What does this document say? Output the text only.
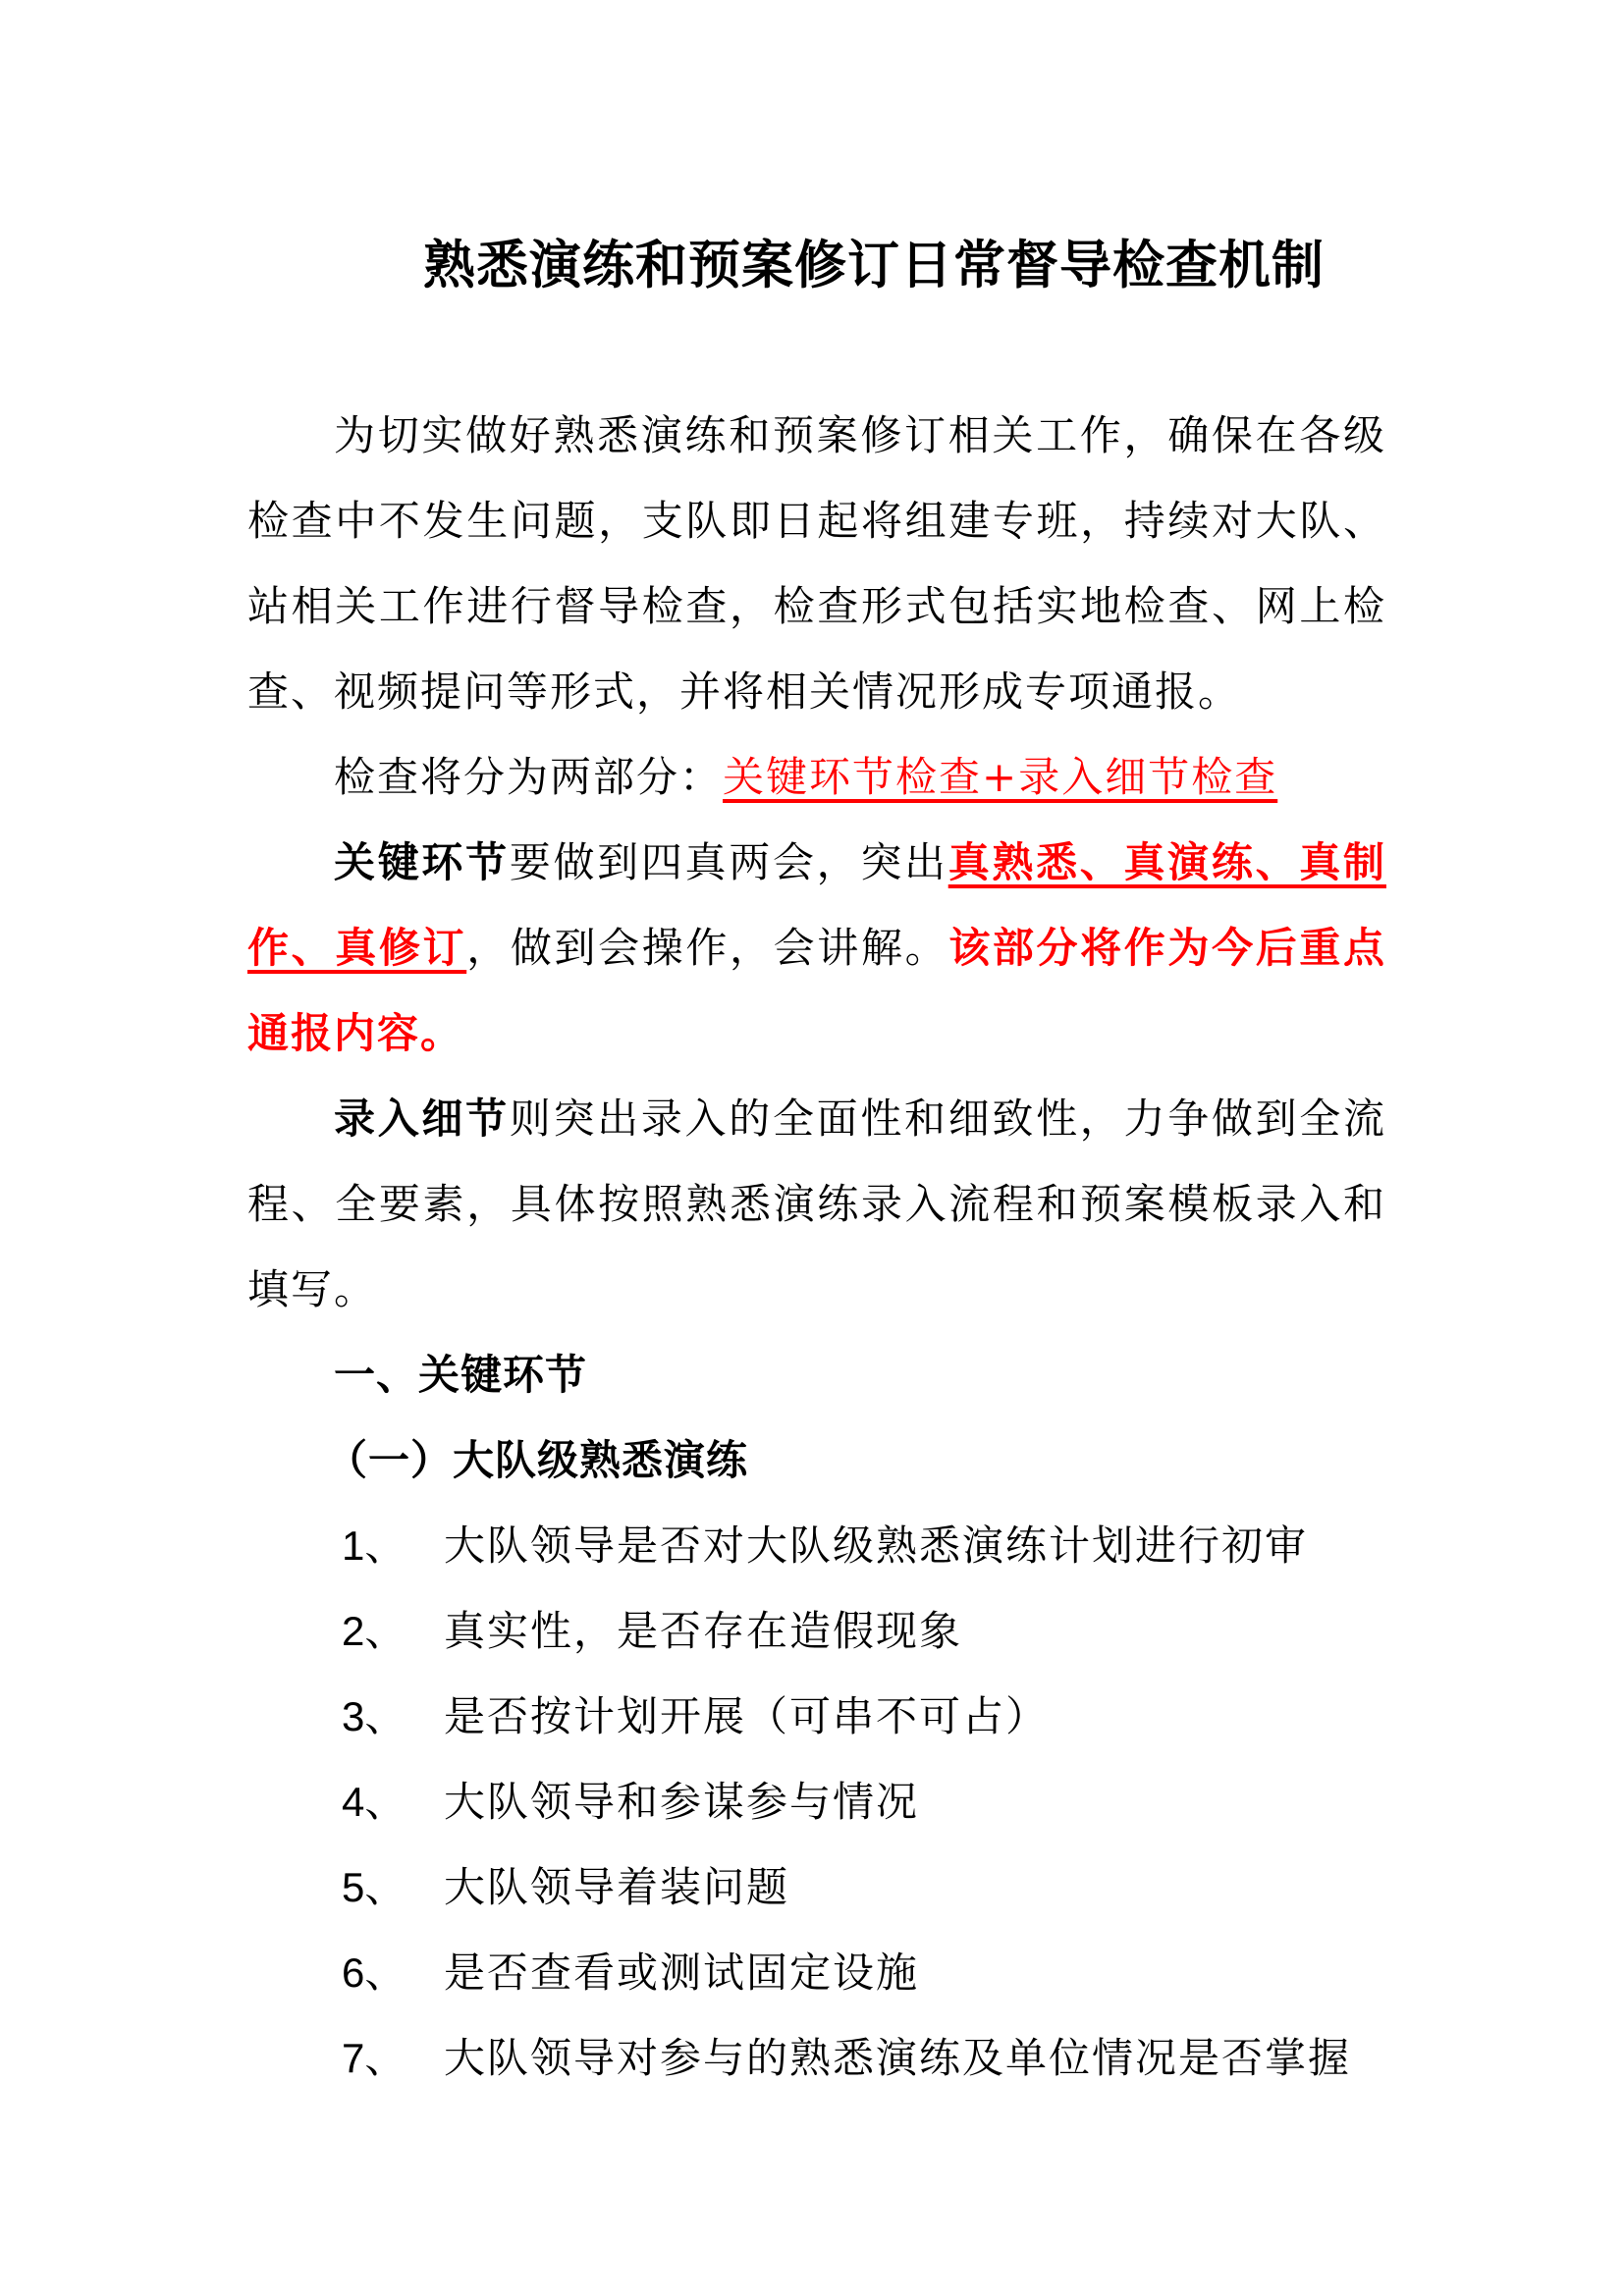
熟悉演练和预案修订日常督导检查机制

为切实做好熟悉演练和预案修订相关工作，确保在各级检查中不发生问题，支队即日起将组建专班，持续对大队、站相关工作进行督导检查，检查形式包括实地检查、网上检查、视频提问等形式，并将相关情况形成专项通报。

检查将分为两部分：关键环节检查+录入细节检查

关键环节要做到四真两会，突出真熟悉、真演练、真制作、真修订，做到会操作，会讲解。该部分将作为今后重点通报内容。

录入细节则突出录入的全面性和细致性，力争做到全流程、全要素，具体按照熟悉演练录入流程和预案模板录入和填写。

一、关键环节

（一）大队级熟悉演练

1、 大队领导是否对大队级熟悉演练计划进行初审
2、 真实性，是否存在造假现象
3、 是否按计划开展（可串不可占）
4、 大队领导和参谋参与情况
5、 大队领导着装问题
6、 是否查看或测试固定设施
7、 大队领导对参与的熟悉演练及单位情况是否掌握
